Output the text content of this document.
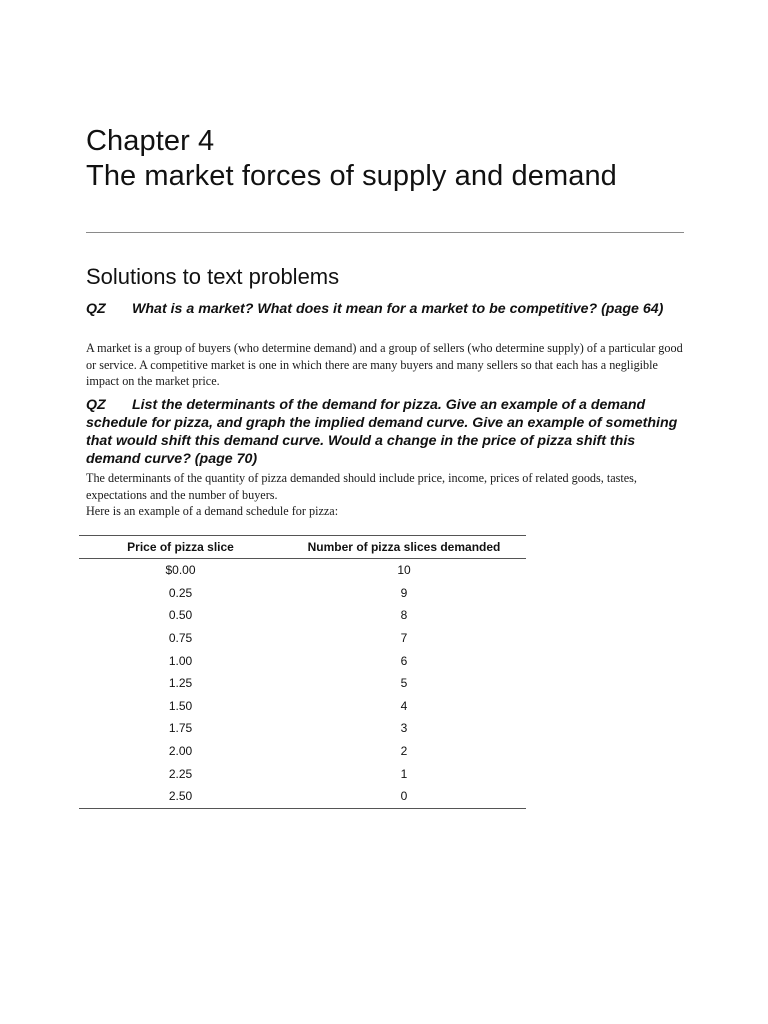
Chapter 4
The market forces of supply and demand
Solutions to text problems

QZ What is a market? What does it mean for a market to be competitive? (page 64)

A market is a group of buyers (who determine demand) and a group of sellers (who determine supply) of a particular good or service. A competitive market is one in which there are many buyers and many sellers so that each has a negligible impact on the market price.

QZ List the determinants of the demand for pizza. Give an example of a demand schedule for pizza, and graph the implied demand curve. Give an example of something that would shift this demand curve. Would a change in the price of pizza shift this demand curve? (page 70)

The determinants of the quantity of pizza demanded should include price, income, prices of related goods, tastes, expectations and the number of buyers.

Here is an example of a demand schedule for pizza:

Price of pizza slice	Number of pizza slices demanded
$0.00	10
0.25	9
0.50	8
0.75	7
1.00	6
1.25	5
1.50	4
1.75	3
2.00	2
2.25	1
2.50	0
